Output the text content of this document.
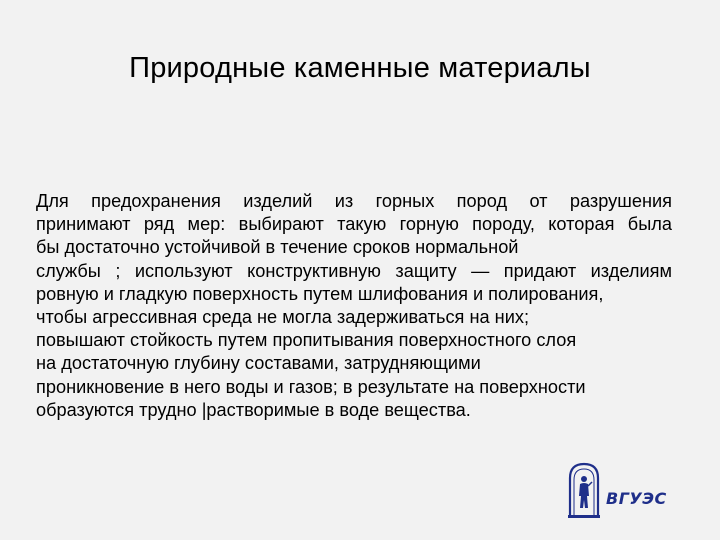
Природные каменные материалы
Для предохранения изделий из горных пород от разрушения
принимают ряд мер: выбирают такую горную породу, которая была
бы достаточно устойчивой в течение сроков нормальной
службы ; используют конструктивную защиту — придают изделиям
ровную и гладкую поверхность путем шлифования и полирования,
чтобы агрессивная среда не могла задерживаться на них;
повышают стойкость путем пропитывания поверхностного слоя
на достаточную глубину составами, затрудняющими
проникновение в него воды и газов; в результате на поверхности
образуются трудно |растворимые в воде вещества.
ВГУЭС
